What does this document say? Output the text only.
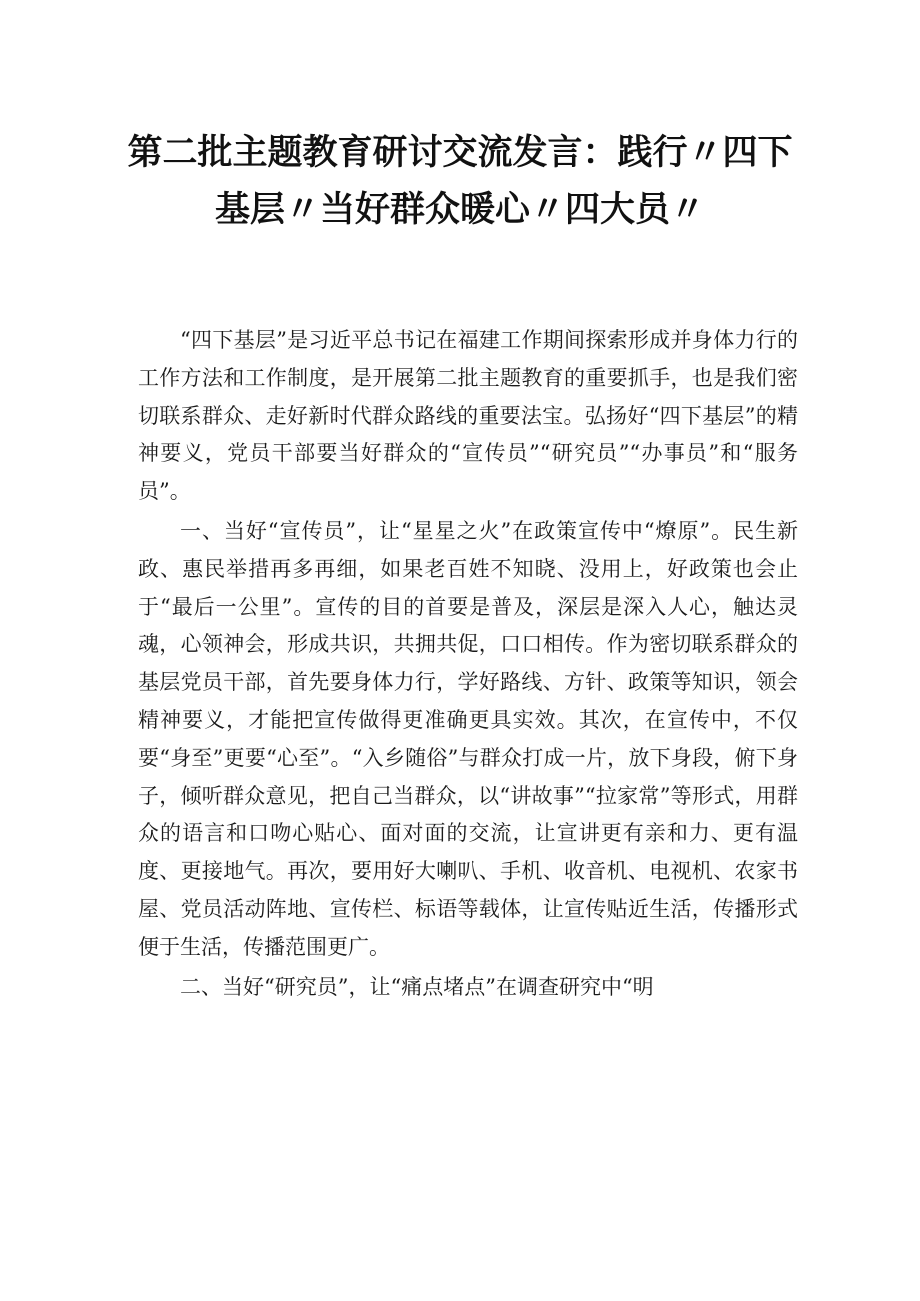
第二批主题教育研讨交流发言：践行〃四下
基层〃当好群众暖心〃四大员〃

“四下基层”是习近平总书记在福建工作期间探索形成并身体力行的工作方法和工作制度，是开展第二批主题教育的重要抓手，也是我们密切联系群众、走好新时代群众路线的重要法宝。弘扬好“四下基层”的精神要义，党员干部要当好群众的“宣传员”“研究员”“办事员”和“服务员”。

一、当好“宣传员”，让“星星之火”在政策宣传中“燎原”。民生新政、惠民举措再多再细，如果老百姓不知晓、没用上，好政策也会止于“最后一公里”。宣传的目的首要是普及，深层是深入人心，触达灵魂，心领神会，形成共识，共拥共促，口口相传。作为密切联系群众的基层党员干部，首先要身体力行，学好路线、方针、政策等知识，领会精神要义，才能把宣传做得更准确更具实效。其次，在宣传中，不仅要“身至”更要“心至”。“入乡随俗”与群众打成一片，放下身段，俯下身子，倾听群众意见，把自己当群众，以“讲故事”“拉家常”等形式，用群众的语言和口吻心贴心、面对面的交流，让宣讲更有亲和力、更有温度、更接地气。再次，要用好大喇叭、手机、收音机、电视机、农家书屋、党员活动阵地、宣传栏、标语等载体，让宣传贴近生活，传播形式便于生活，传播范围更广。

二、当好“研究员”，让“痛点堵点”在调查研究中“明
